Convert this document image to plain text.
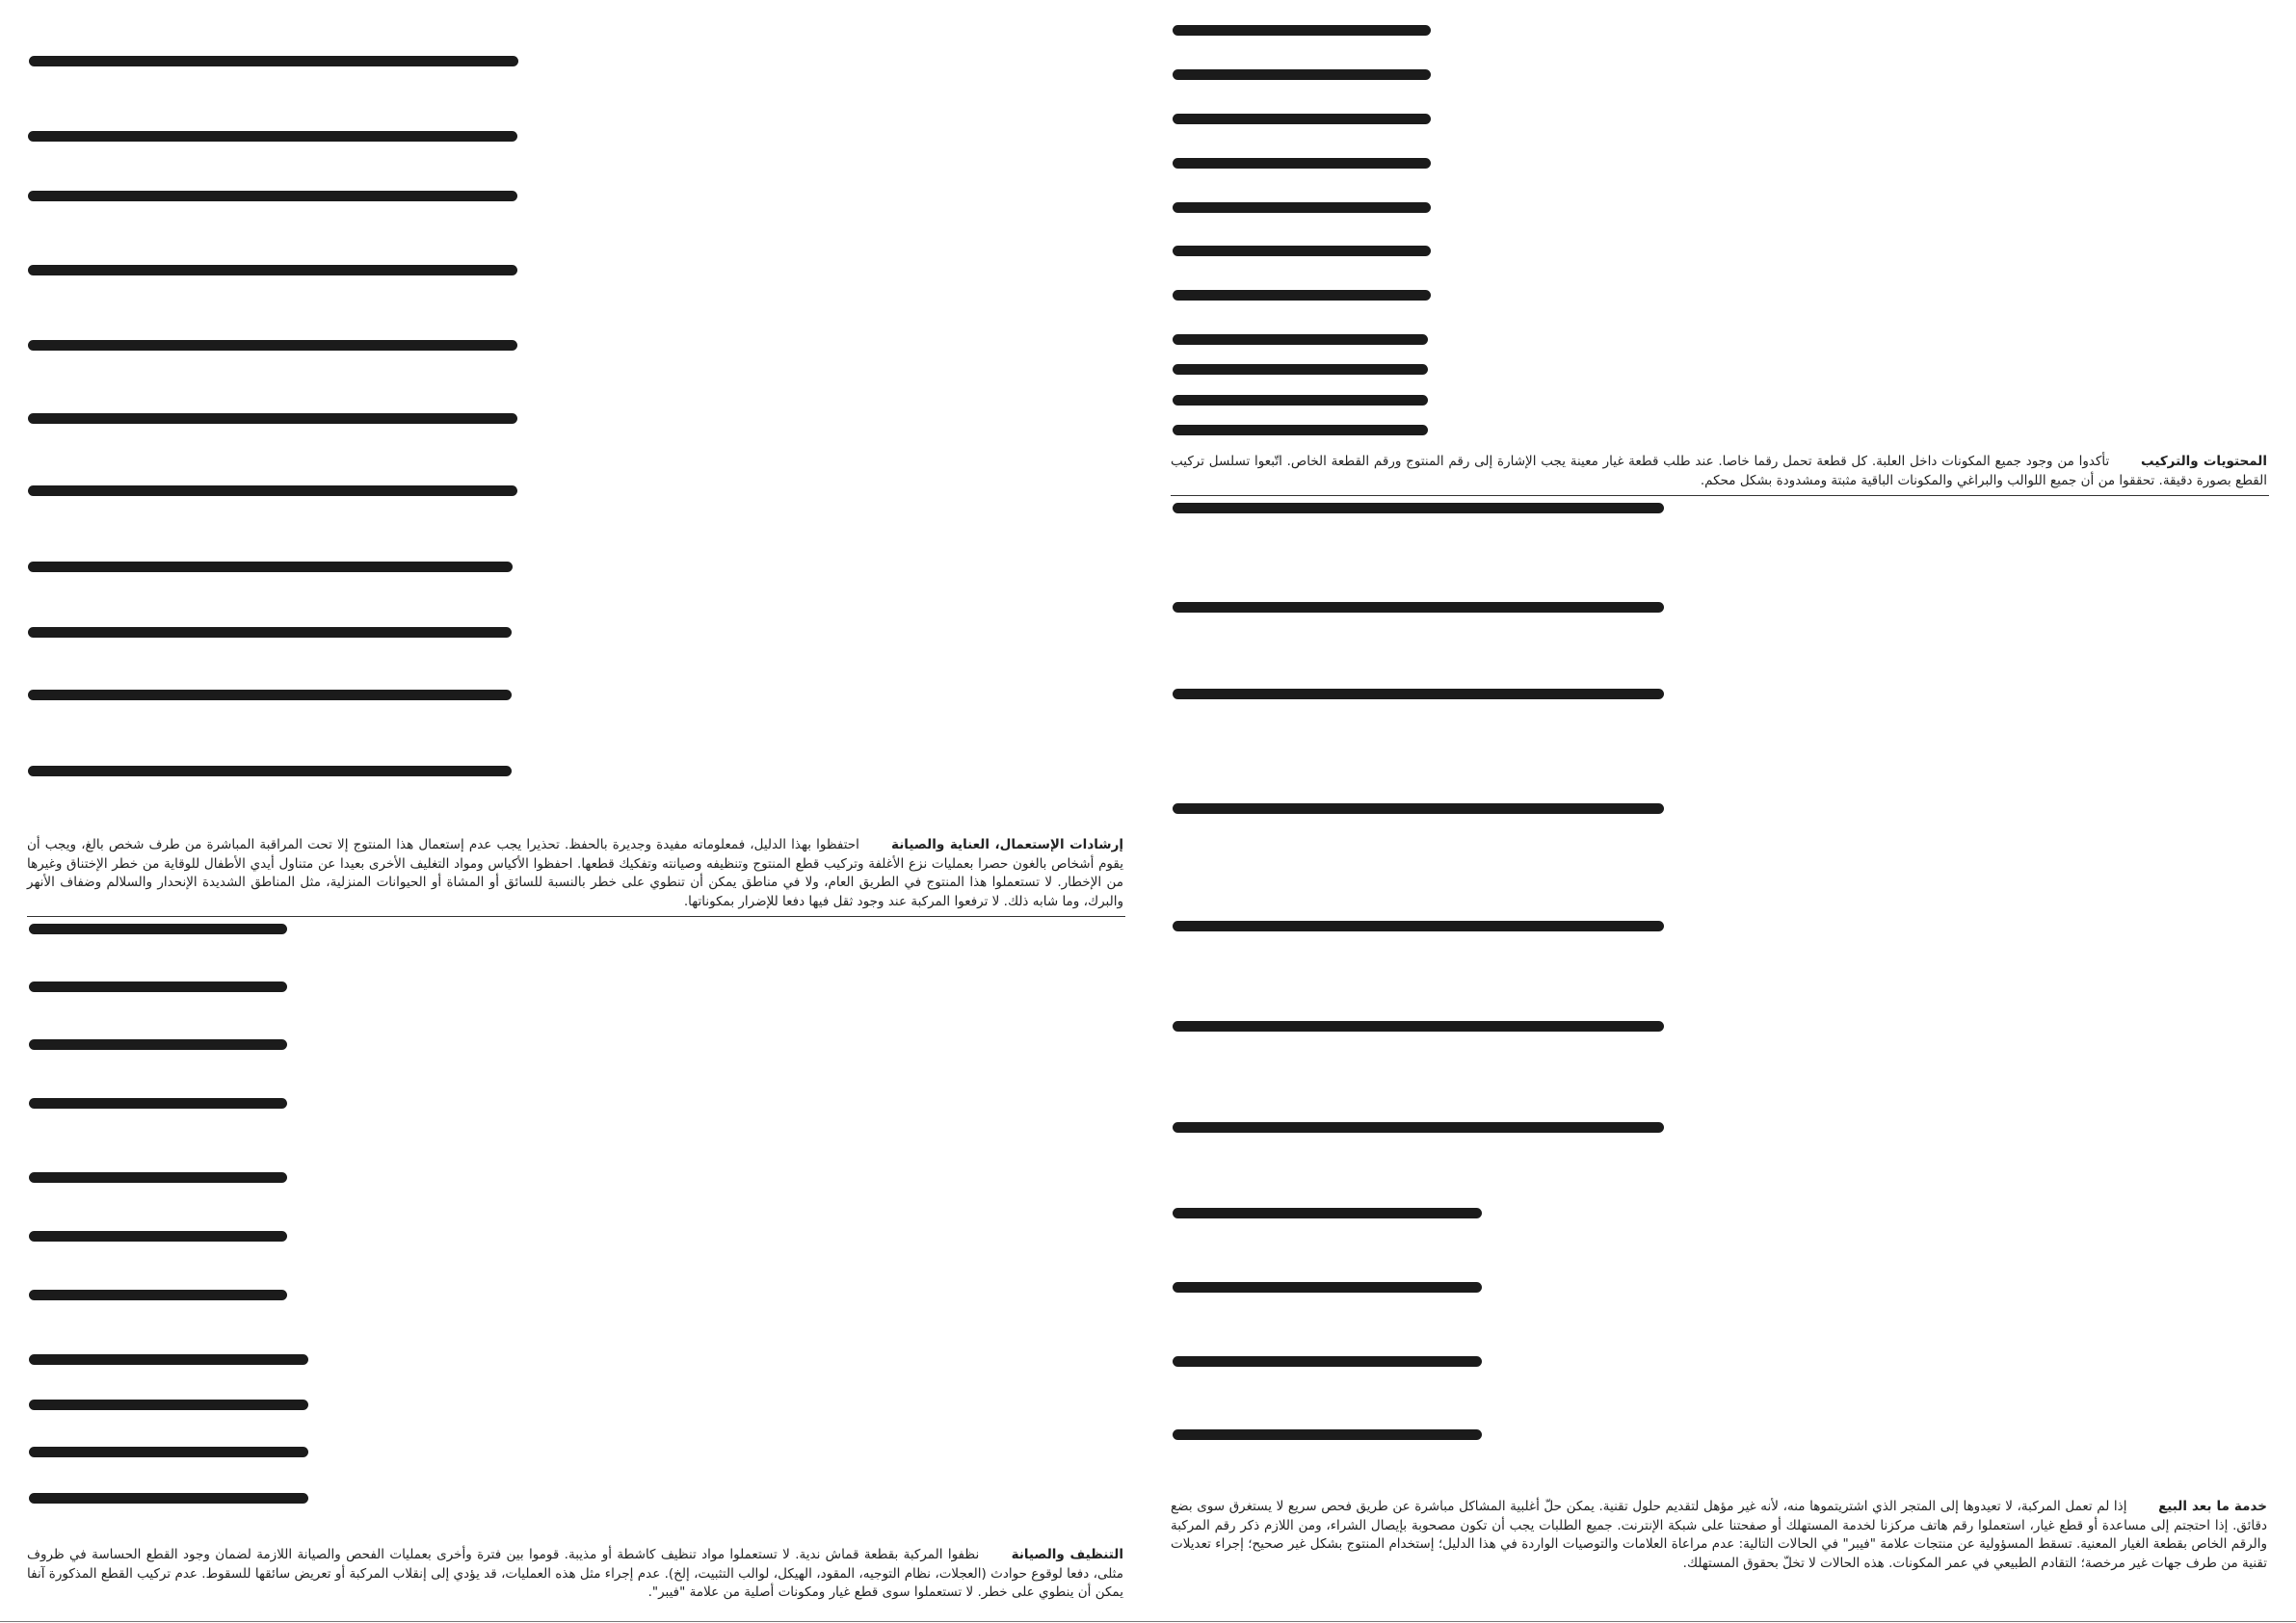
إرشادات الإستعمال، العناية والصيانة احتفظوا بهذا الدليل، فمعلوماته مفيدة وجديرة بالحفظ. تحذيرا يجب عدم إستعمال هذا المنتوج إلا تحت المراقبة المباشرة من طرف شخص بالغ، ويجب أن يقوم أشخاص بالغون حصرا بعمليات نزع الأغلفة وتركيب قطع المنتوج وتنظيفه وصيانته وتفكيك قطعها. احفظوا الأكياس ومواد التغليف الأخرى بعيدا عن متناول أيدي الأطفال للوقاية من خطر الإختناق وغيرها من الإخطار. لا تستعملوا هذا المنتوج في الطريق العام، ولا في مناطق يمكن أن تنطوي على خطر بالنسبة للسائق أو المشاة أو الحيوانات المنزلية، مثل المناطق الشديدة الإنحدار والسلالم وضفاف الأنهر والبرك، وما شابه ذلك. لا ترفعوا المركبة عند وجود ثقل فيها دفعا للإضرار بمكوناتها.

التنظيف والصيانة نظفوا المركبة بقطعة قماش ندية. لا تستعملوا مواد تنظيف كاشطة أو مذيبة. قوموا بين فترة وأخرى بعمليات الفحص والصيانة اللازمة لضمان وجود القطع الحساسة في ظروف مثلى، دفعا لوقوع حوادث (العجلات، نظام التوجيه، المقود، الهيكل، لوالب التثبيت، إلخ). عدم إجراء مثل هذه العمليات، قد يؤدي إلى إنقلاب المركبة أو تعريض سائقها للسقوط. عدم تركيب القطع المذكورة آنفا يمكن أن ينطوي على خطر. لا تستعملوا سوى قطع غيار ومكونات أصلية من علامة "فيبر".

المحتويات والتركيب تأكدوا من وجود جميع المكونات داخل العلبة. كل قطعة تحمل رقما خاصا. عند طلب قطعة غيار معينة يجب الإشارة إلى رقم المنتوج ورقم القطعة الخاص. اتّبعوا تسلسل تركيب القطع بصورة دقيقة. تحققوا من أن جميع اللوالب والبراغي والمكونات الباقية مثبتة ومشدودة بشكل محكم.

خدمة ما بعد البيع إذا لم تعمل المركبة، لا تعيدوها إلى المتجر الذي اشتريتموها منه، لأنه غير مؤهل لتقديم حلول تقنية. يمكن حلّ أغلبية المشاكل مباشرة عن طريق فحص سريع لا يستغرق سوى بضع دقائق. إذا احتجتم إلى مساعدة أو قطع غيار، استعملوا رقم هاتف مركزنا لخدمة المستهلك أو صفحتنا على شبكة الإنترنت. جميع الطلبات يجب أن تكون مصحوبة بإيصال الشراء، ومن اللازم ذكر رقم المركبة والرقم الخاص بقطعة الغيار المعنية. تسقط المسؤولية عن منتجات علامة "فيبر" في الحالات التالية: عدم مراعاة العلامات والتوصيات الواردة في هذا الدليل؛ إستخدام المنتوج بشكل غير صحيح؛ إجراء تعديلات تقنية من طرف جهات غير مرخصة؛ التقادم الطبيعي في عمر المكونات. هذه الحالات لا تخلّ بحقوق المستهلك.
